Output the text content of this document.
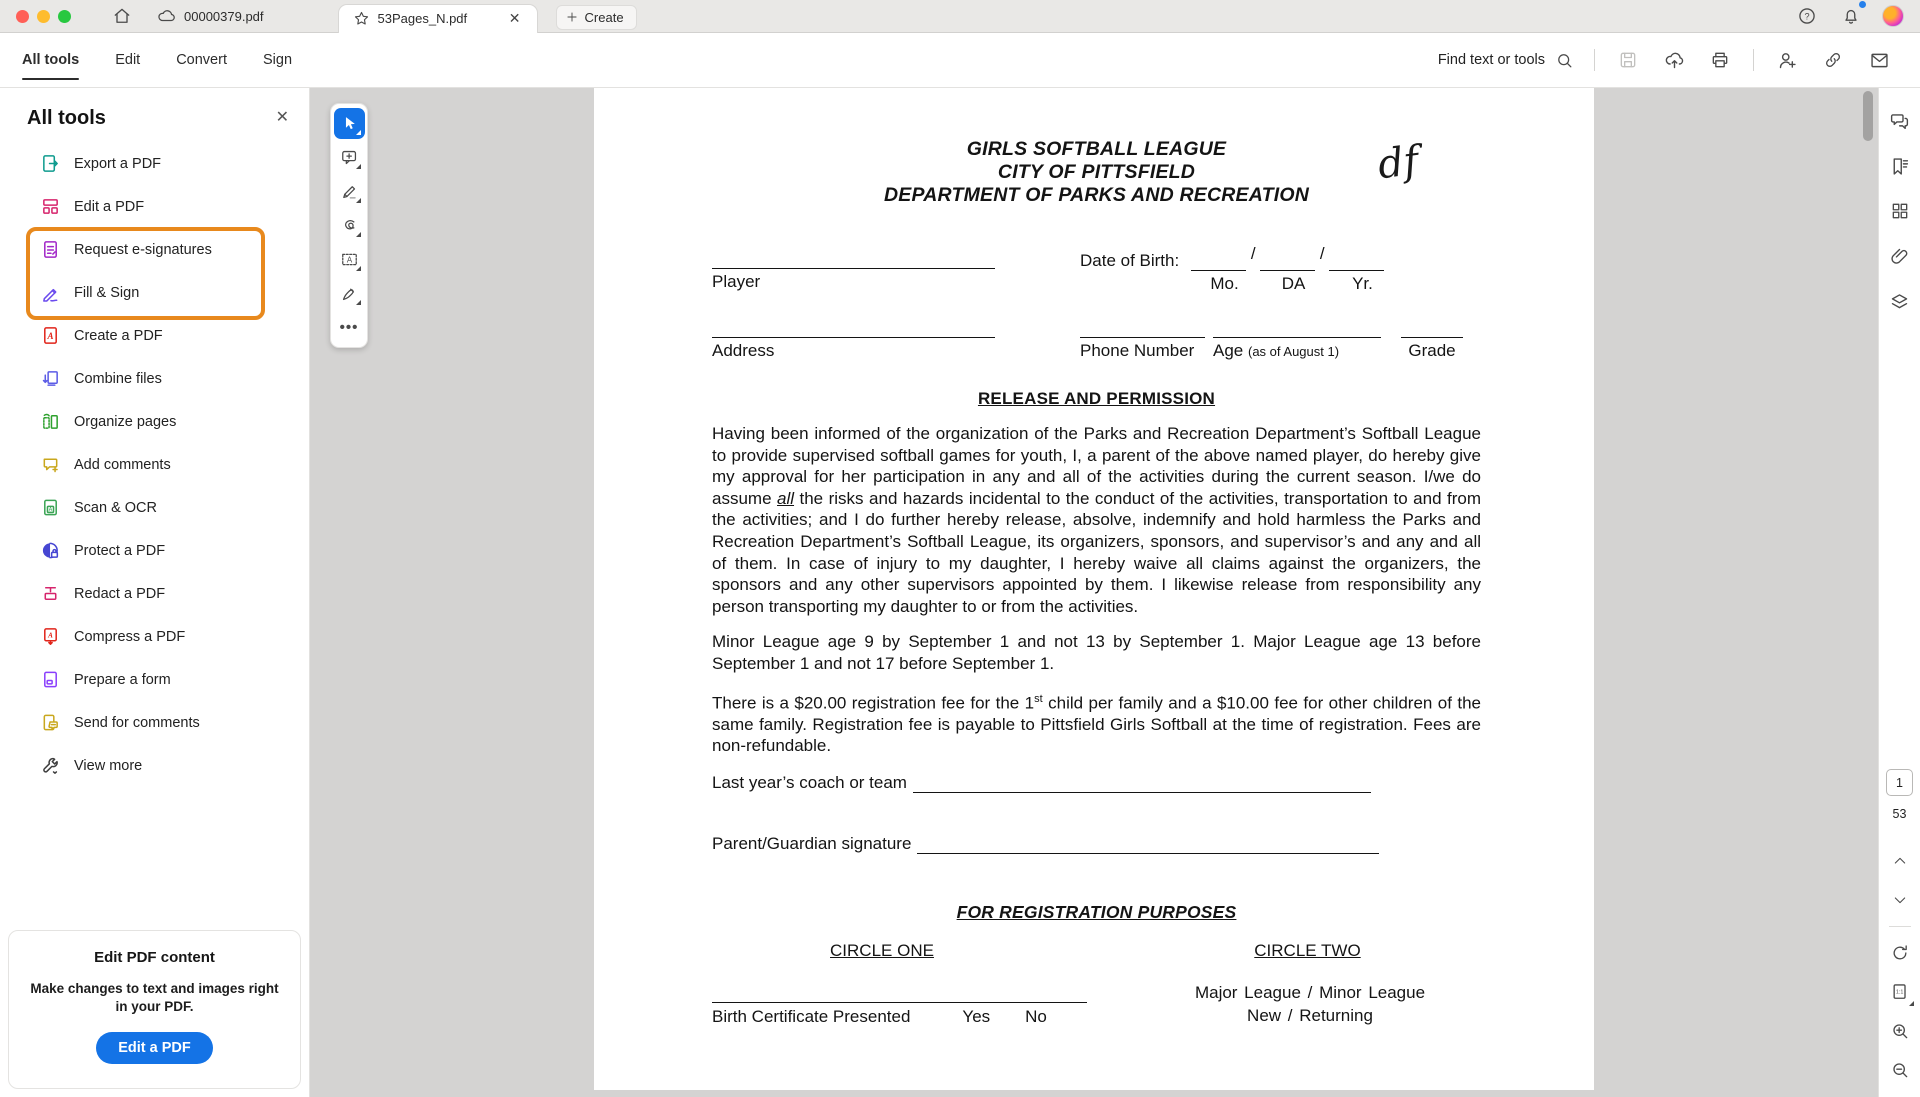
00000379.pdf	53Pages_N.pdf	✕	Create	?
All tools Edit Convert Sign	Find text or tools
All tools	✕
Export a PDF
Edit a PDF
Request e-signatures
Fill & Sign
A Create a PDF
Combine files
Organize pages
Add comments
A Scan & OCR
Protect a PDF
Redact a PDF
A Compress a PDF
Prepare a form
Send for comments
View more
Edit PDF content
Make changes to text and images right in your PDF.
Edit a PDF
A
•••
df
GIRLS SOFTBALL LEAGUE
CITY OF PITTSFIELD
DEPARTMENT OF PARKS AND RECREATION
Player
Date of Birth:	/	/
Mo.	DA	Yr.
Address	Phone Number	Age (as of August 1)	Grade
RELEASE AND PERMISSION

Having been informed of the organization of the Parks and Recreation Department’s Softball League to provide supervised softball games for youth, I, a parent of the above named player, do hereby give my approval for her participation in any and all of the activities during the current season. I/we do assume all the risks and hazards incidental to the conduct of the activities, transportation to and from the activities; and I do further hereby release, absolve, indemnify and hold harmless the Parks and Recreation Department’s Softball League, its organizers, sponsors, and supervisor’s and any and all of them. In case of injury to my daughter, I hereby waive all claims against the organizers, the sponsors and any other supervisors appointed by them. I likewise release from responsibility any person transporting my daughter to or from the activities.

Minor League age 9 by September 1 and not 13 by September 1. Major League age 13 before September 1 and not 17 before September 1.

There is a $20.00 registration fee for the 1st child per family and a $10.00 fee for other children of the same family. Registration fee is payable to Pittsfield Girls Softball at the time of registration. Fees are non-refundable.

Last year’s coach or team
Parent/Guardian signature
FOR REGISTRATION PURPOSES
CIRCLE ONE	CIRCLE TWO
Birth Certificate Presented	Yes No
Major League / Minor League
New / Returning
1
53
1:1
